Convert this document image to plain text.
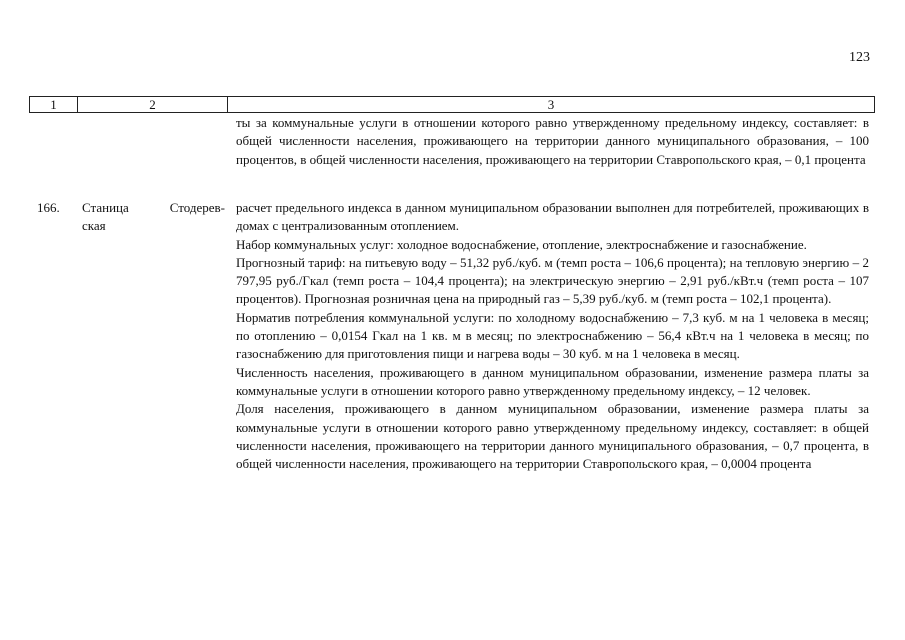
123
1	2	3

ты за коммунальные услуги в отношении которого равно утвержденному предельному индексу, составляет: в общей численности населения, проживающего на территории данного муниципального образования, – 100 процентов, в общей численности населения, проживающего на территории Ставропольского края, – 0,1 процента

166. Станица Стодерев-
ская

расчет предельного индекса в данном муниципальном образовании выполнен для потребителей, проживающих в домах с централизованным отоплением.

Набор коммунальных услуг: холодное водоснабжение, отопление, электроснабжение и газоснабжение.

Прогнозный тариф: на питьевую воду – 51,32 руб./куб. м (темп роста – 106,6 процента); на тепловую энергию – 2 797,95 руб./Гкал (темп роста – 104,4 процента); на электрическую энергию – 2,91 руб./кВт.ч (темп роста – 107 процентов). Прогнозная розничная цена на природный газ – 5,39 руб./куб. м (темп роста – 102,1 процента).

Норматив потребления коммунальной услуги: по холодному водоснабжению – 7,3 куб. м на 1 человека в месяц; по отоплению – 0,0154 Гкал на 1 кв. м в месяц; по электроснабжению – 56,4 кВт.ч на 1 человека в месяц; по газоснабжению для приготовления пищи и нагрева воды – 30 куб. м на 1 человека в месяц.

Численность населения, проживающего в данном муниципальном образовании, изменение размера платы за коммунальные услуги в отношении которого равно утвержденному предельному индексу, – 12 человек.

Доля населения, проживающего в данном муниципальном образовании, изменение размера платы за коммунальные услуги в отношении которого равно утвержденному предельному индексу, составляет: в общей численности населения, проживающего на территории данного муниципального образования, – 0,7 процента, в общей численности населения, проживающего на территории Ставропольского края, – 0,0004 процента
